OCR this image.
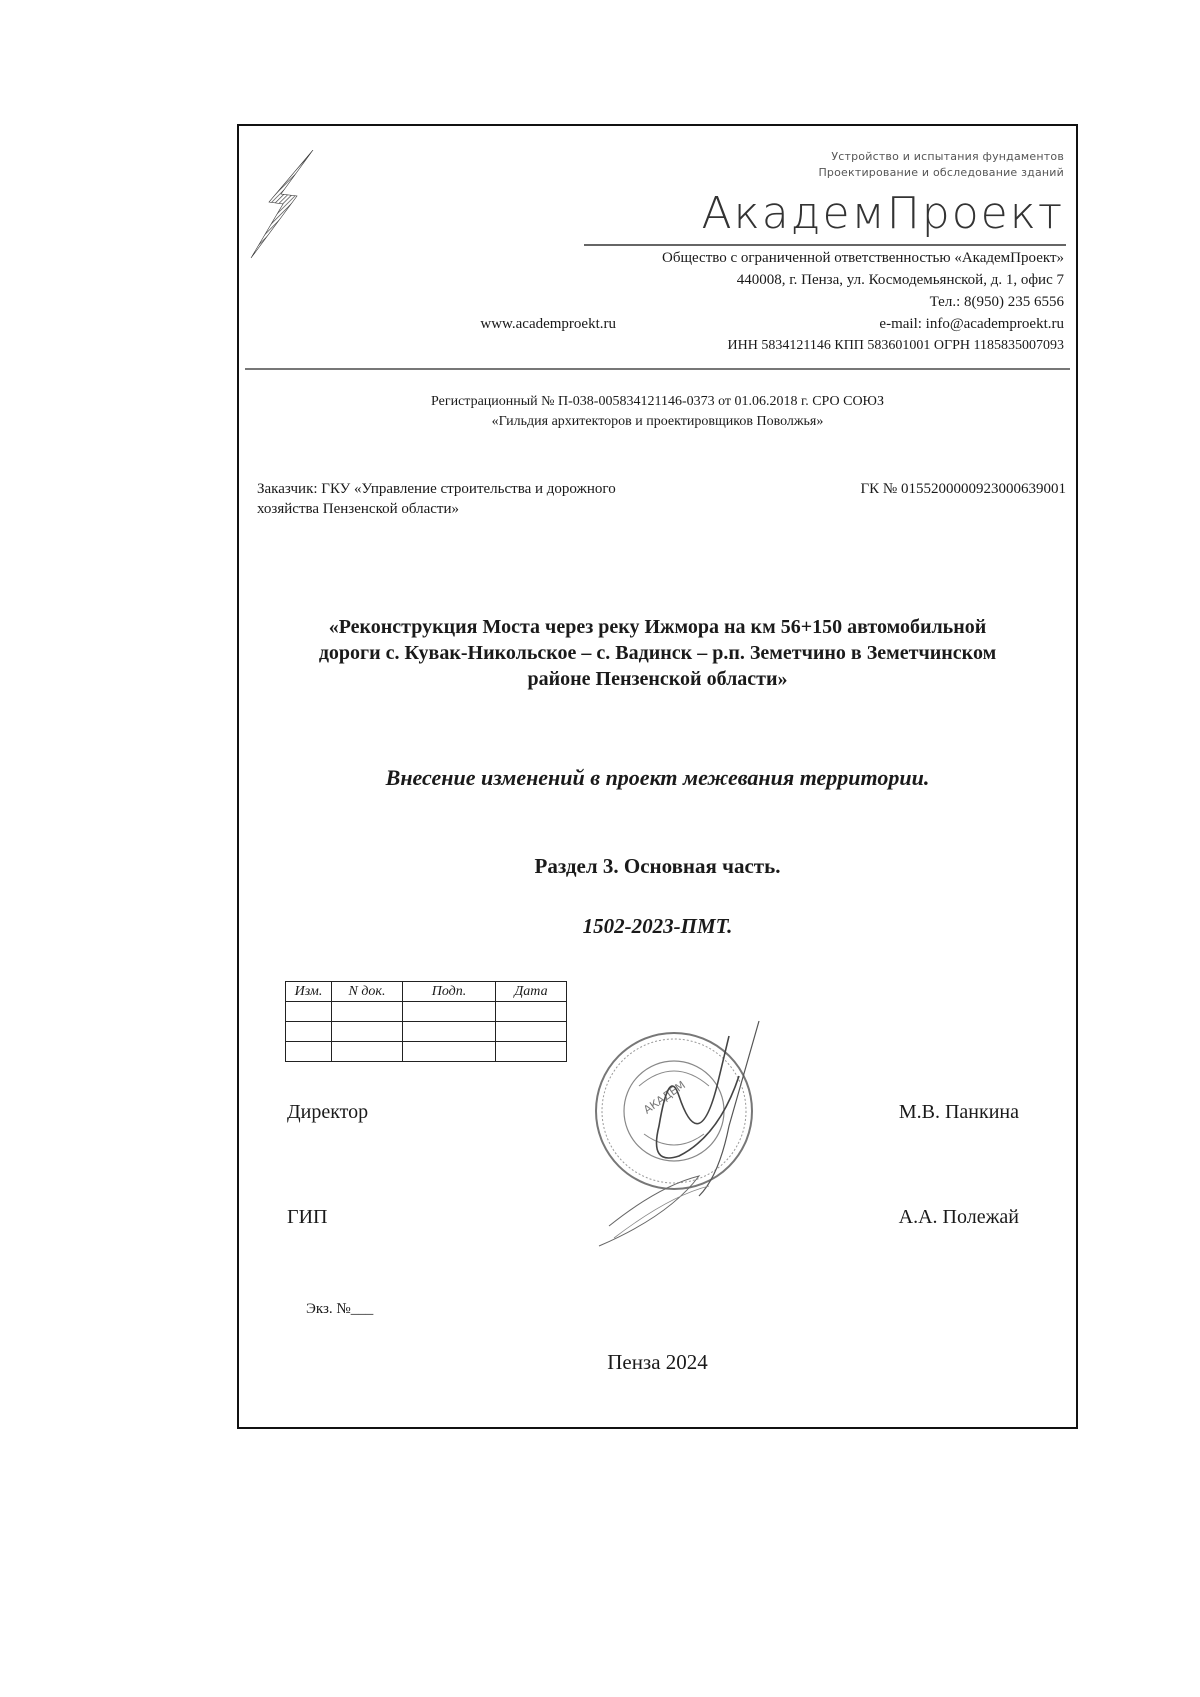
Устройство и испытания фундаментов
Проектирование и обследование зданий
АкадемПроект
Общество с ограниченной ответственностью «АкадемПроект»
440008, г. Пенза, ул. Космодемьянской, д. 1, офис 7
Тел.: 8(950) 235 6556
www.academproekt.ru	e-mail: info@academproekt.ru
ИНН 5834121146 КПП 583601001 ОГРН 1185835007093
Регистрационный № П-038-005834121146-0373 от 01.06.2018 г. СРО СОЮЗ
«Гильдия архитекторов и проектировщиков Поволжья»
Заказчик: ГКУ «Управление строительства и дорожного
хозяйства Пензенской области»
ГК № 0155200000923000639001
«Реконструкция Моста через реку Ижмора на км 56+150 автомобильной
дороги с. Кувак-Никольское – с. Вадинск – р.п. Земетчино в Земетчинском
районе Пензенской области»
Внесение изменений в проект межевания территории.
Раздел 3. Основная часть.
1502-2023-ПМТ.
Изм.	N док.	Подп.	Дата

АКАДЕМ
Директор	М.В. Панкина
ГИП	А.А. Полежай
Экз. №___
Пенза 2024
